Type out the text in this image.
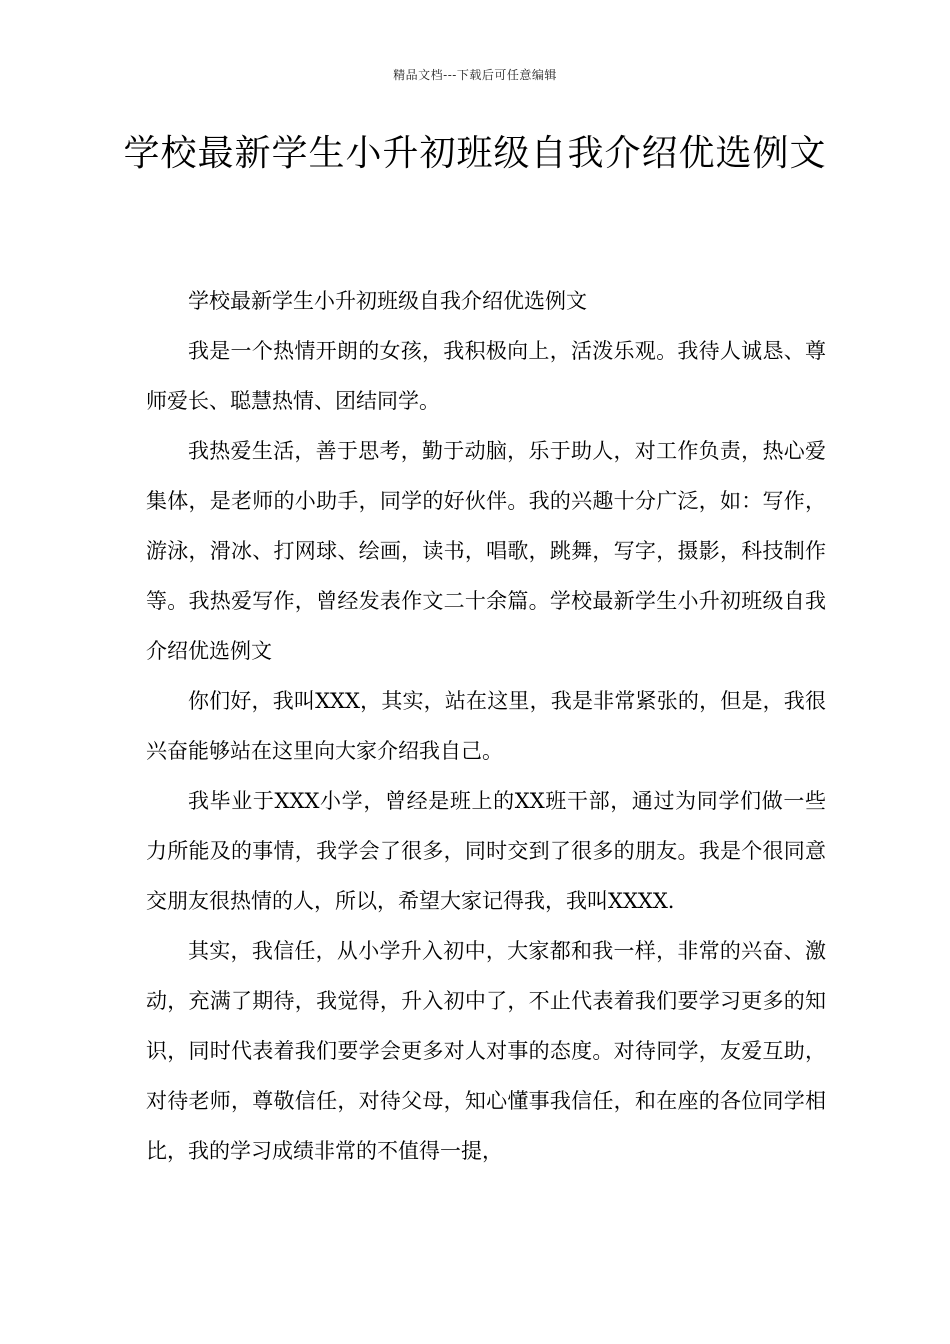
精品文档---下载后可任意编辑
学校最新学生小升初班级自我介绍优选例文

学校最新学生小升初班级自我介绍优选例文

我是一个热情开朗的女孩，我积极向上，活泼乐观。我待人诚恳、尊师爱长、聪慧热情、团结同学。

我热爱生活，善于思考，勤于动脑，乐于助人，对工作负责，热心爱集体，是老师的小助手，同学的好伙伴。我的兴趣十分广泛，如：写作，游泳，滑冰、打网球、绘画，读书，唱歌，跳舞，写字，摄影，科技制作等。我热爱写作，曾经发表作文二十余篇。学校最新学生小升初班级自我介绍优选例文

你们好，我叫XXX，其实，站在这里，我是非常紧张的，但是，我很兴奋能够站在这里向大家介绍我自己。

我毕业于XXX小学，曾经是班上的XX班干部，通过为同学们做一些力所能及的事情，我学会了很多，同时交到了很多的朋友。我是个很同意交朋友很热情的人，所以，希望大家记得我，我叫XXXX.

其实，我信任，从小学升入初中，大家都和我一样，非常的兴奋、激动，充满了期待，我觉得，升入初中了，不止代表着我们要学习更多的知识，同时代表着我们要学会更多对人对事的态度。对待同学，友爱互助，对待老师，尊敬信任，对待父母，知心懂事我信任，和在座的各位同学相比，我的学习成绩非常的不值得一提，
